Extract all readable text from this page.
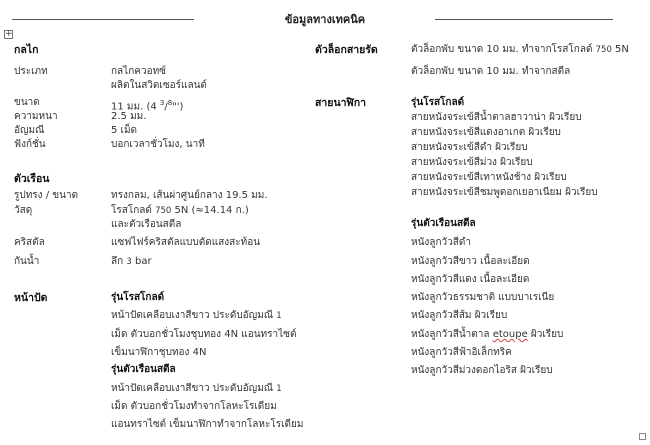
ข้อมูลทางเทคนิค
+
กลไก
ประเภท	กลไกควอทซ์
ผลิตในสวิตเซอร์แลนด์
ขนาด	11 มม. (4 $^3$/$^8$"')
ความหนา	2.5 มม.
อัญมณี	5 เม็ด
ฟังก์ชั่น	บอกเวลาชั่วโมง, นาที
ตัวเรือน
รูปทรง / ขนาด	ทรงกลม, เส้นผ่าศูนย์กลาง 19.5 มม.
วัสดุ	โรสโกลด์ 750 5N (≈14.14 ก.)
และตัวเรือนสตีล
คริสตัล	แซฟไฟร์คริสตัลแบบตัดแสงสะท้อน
กันน้ำ	ลึก 3 bar
หน้าปัด	รุ่นโรสโกลด์
หน้าปัดเคลือบเงาสีขาว ประดับอัญมณี 1
เม็ด ตัวบอกชั่วโมงชุบทอง 4N แอนทราไซต์
เข็มนาฬิกาชุบทอง 4N
รุ่นตัวเรือนสตีล
หน้าปัดเคลือบเงาสีขาว ประดับอัญมณี 1
เม็ด ตัวบอกชั่วโมงทำจากโลหะโรเดียม
แอนทราไซต์ เข็มนาฬิกาทำจากโลหะโรเดียม
ตัวล็อกสายรัด	ตัวล็อกพับ ขนาด 10 มม. ทำจากโรสโกลด์ 750 5N
ตัวล็อกพับ ขนาด 10 มม. ทำจากสตีล
สายนาฬิกา	รุ่นโรสโกลด์
สายหนังจระเข้สีน้ำตาลฮาวาน่า ผิวเรียบ
สายหนังจระเข้สีแดงอาเกต ผิวเรียบ
สายหนังจระเข้สีดำ ผิวเรียบ
สายหนังจระเข้สีม่วง ผิวเรียบ
สายหนังจระเข้สีเทาหนังช้าง ผิวเรียบ
สายหนังจระเข้สีชมพูดอกเยอาเนียม ผิวเรียบ
รุ่นตัวเรือนสตีล
หนังลูกวัวสีดำ
หนังลูกวัวสีขาว เนื้อละเอียด
หนังลูกวัวสีแดง เนื้อละเอียด
หนังลูกวัวธรรมชาติ แบบบาเรเนีย
หนังลูกวัวสีส้ม ผิวเรียบ
หนังลูกวัวสีน้ำตาล etoupe ผิวเรียบ
หนังลูกวัวสีฟ้าอิเล็กทริค
หนังลูกวัวสีม่วงดอกไอริส ผิวเรียบ
